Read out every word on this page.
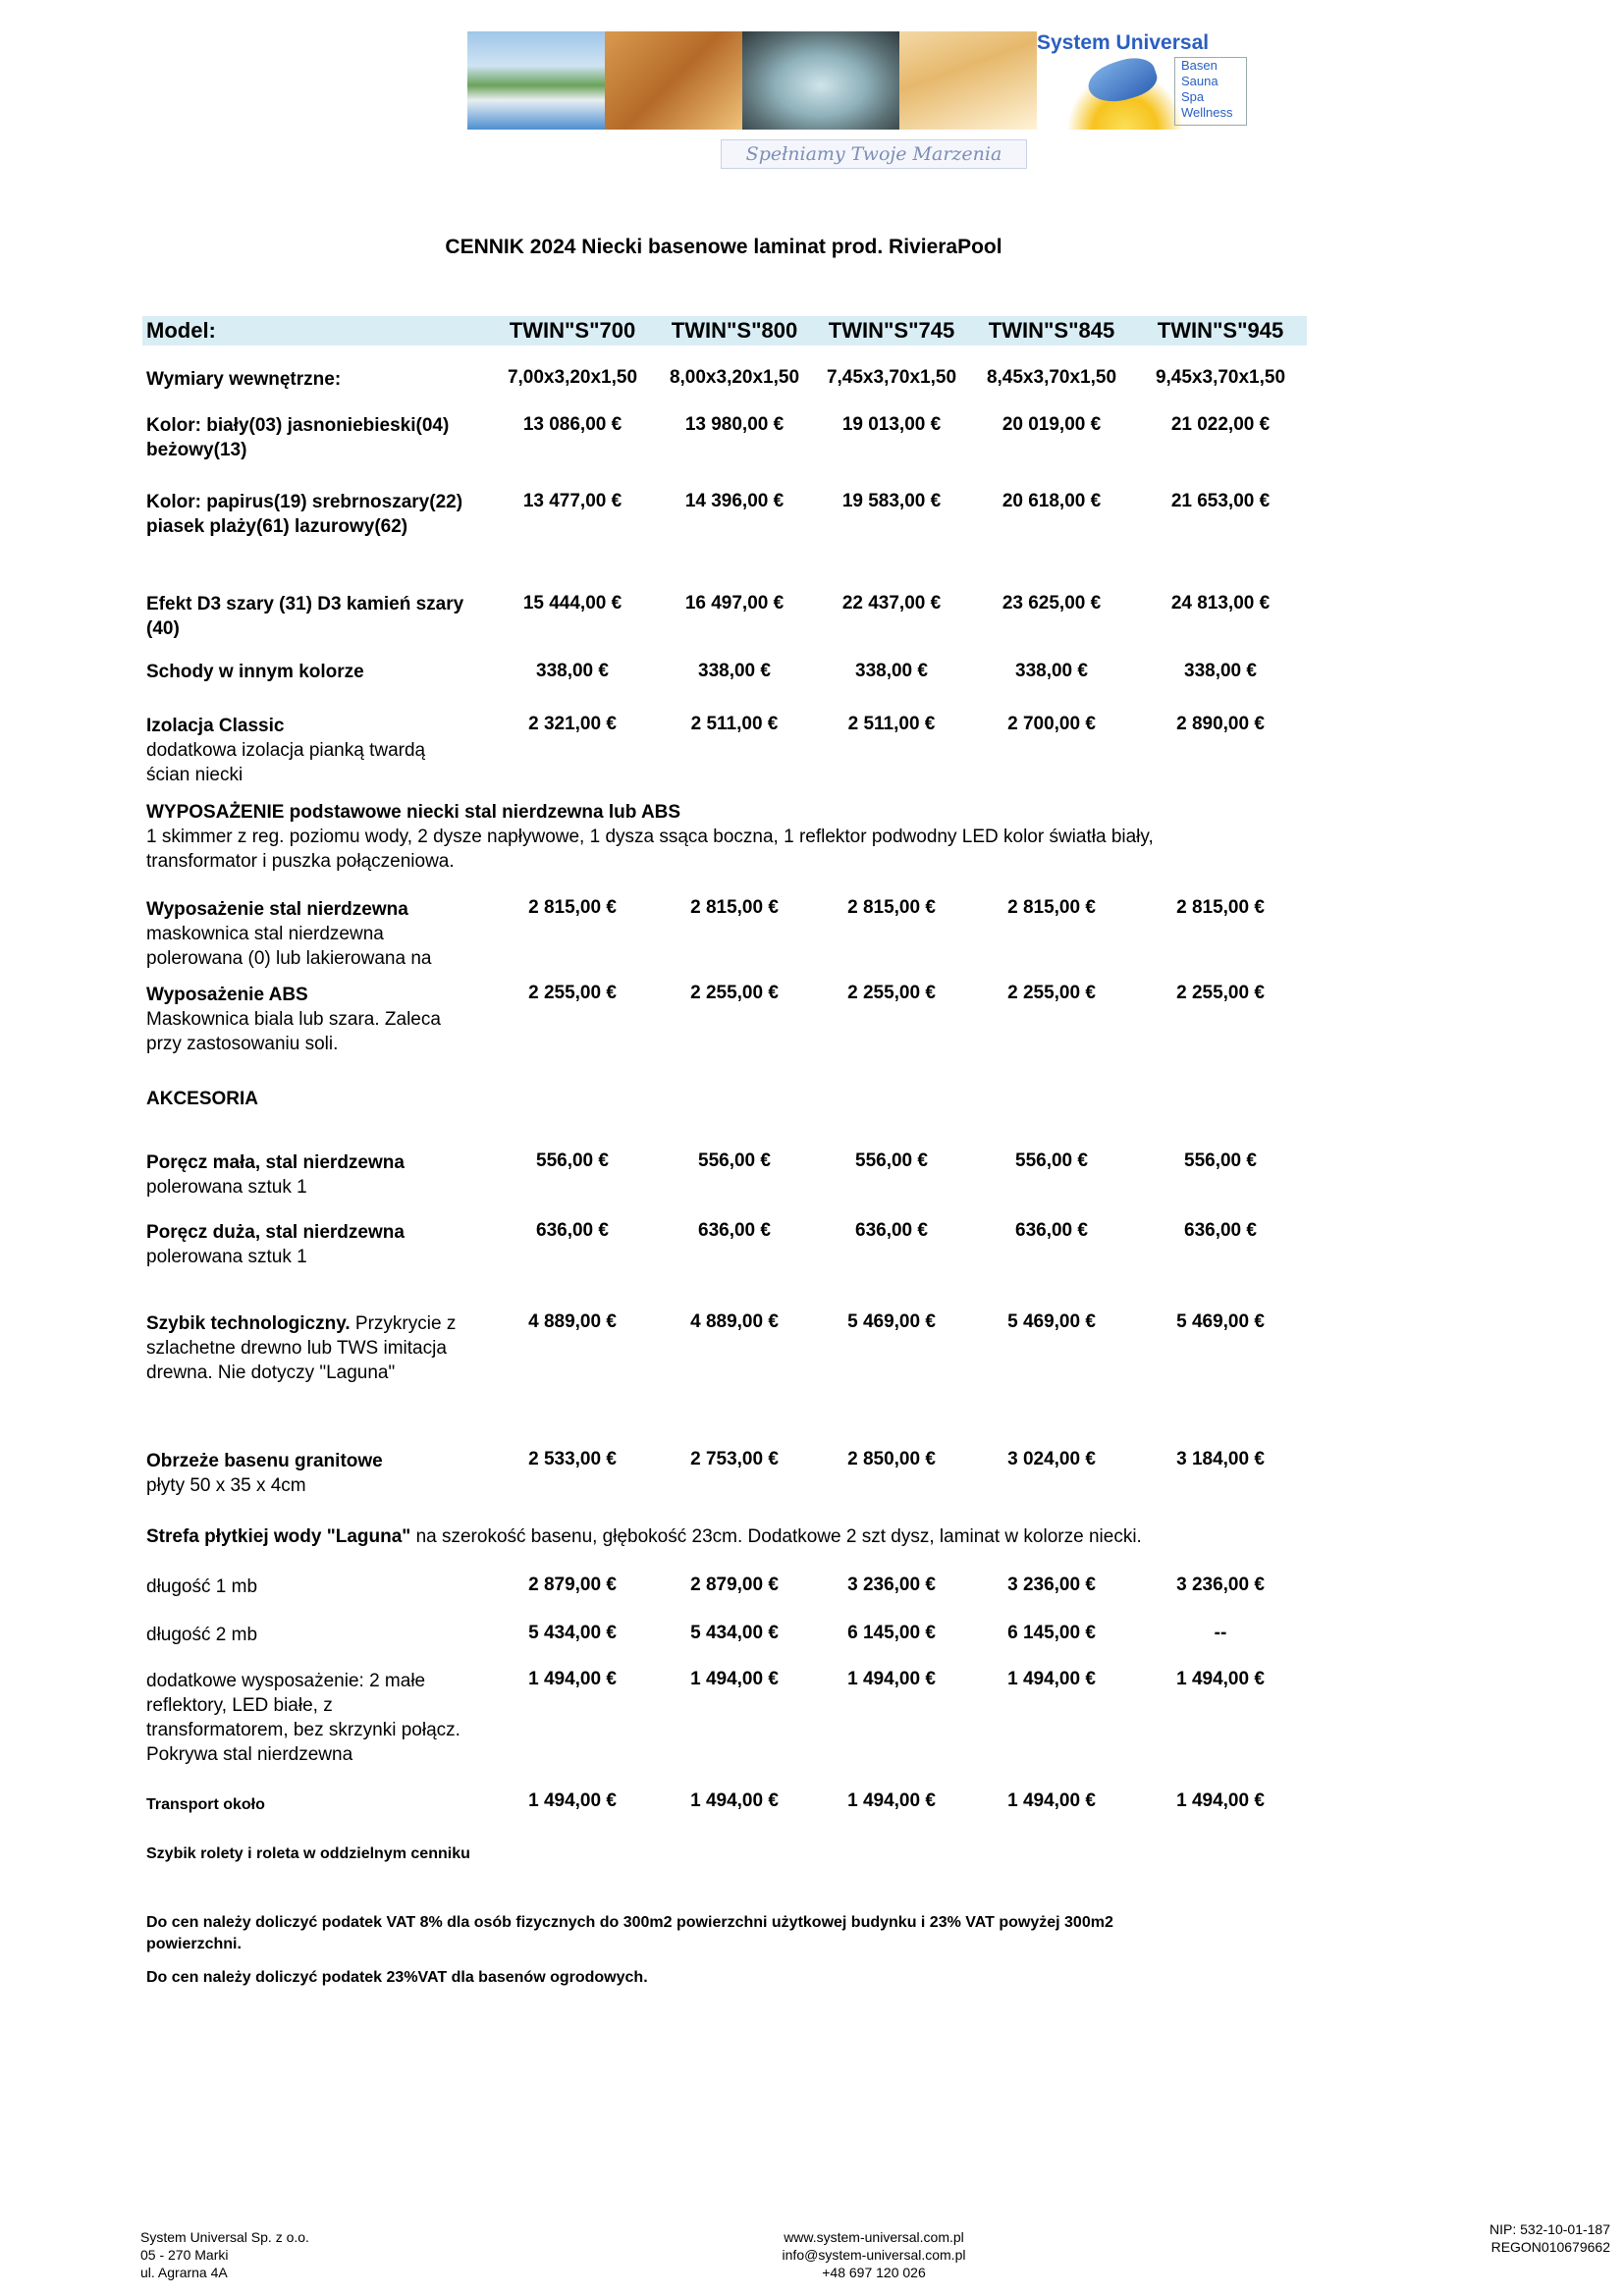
System Universal
Basen
Sauna
Spa
Wellness
Spełniamy Twoje Marzenia
CENNIK 2024 Niecki basenowe laminat prod. RivieraPool
Model:	TWIN"S"700	TWIN"S"800	TWIN"S"745	TWIN"S"845	TWIN"S"945
Wymiary wewnętrzne:	7,00x3,20x1,50	8,00x3,20x1,50	7,45x3,70x1,50	8,45x3,70x1,50	9,45x3,70x1,50
Kolor: biały(03) jasnoniebieski(04)
beżowy(13)
13 086,00 €	13 980,00 €	19 013,00 €	20 019,00 €	21 022,00 €
Kolor: papirus(19) srebrnoszary(22)
piasek plaży(61) lazurowy(62)
13 477,00 €	14 396,00 €	19 583,00 €	20 618,00 €	21 653,00 €
Efekt D3 szary (31) D3 kamień szary
(40)
15 444,00 €	16 497,00 €	22 437,00 €	23 625,00 €	24 813,00 €
Schody w innym kolorze	338,00 €	338,00 €	338,00 €	338,00 €	338,00 €
Izolacja Classic
dodatkowa izolacja pianką twardą
ścian niecki
2 321,00 €	2 511,00 €	2 511,00 €	2 700,00 €	2 890,00 €
WYPOSAŻENIE podstawowe niecki stal nierdzewna lub ABS
1 skimmer z reg. poziomu wody, 2 dysze napływowe, 1 dysza ssąca boczna, 1 reflektor podwodny LED kolor światła biały,
transformator i puszka połączeniowa.
Wyposażenie stal nierdzewna
maskownica stal nierdzewna
polerowana (0) lub lakierowana na
2 815,00 €	2 815,00 €	2 815,00 €	2 815,00 €	2 815,00 €
Wyposażenie ABS
Maskownica biala lub szara. Zaleca
przy zastosowaniu soli.
2 255,00 €	2 255,00 €	2 255,00 €	2 255,00 €	2 255,00 €
AKCESORIA
Poręcz mała, stal nierdzewna
polerowana sztuk 1
556,00 €	556,00 €	556,00 €	556,00 €	556,00 €
Poręcz duża, stal nierdzewna
polerowana sztuk 1
636,00 €	636,00 €	636,00 €	636,00 €	636,00 €
Szybik technologiczny. Przykrycie z
szlachetne drewno lub TWS imitacja
drewna. Nie dotyczy "Laguna"
4 889,00 €	4 889,00 €	5 469,00 €	5 469,00 €	5 469,00 €
Obrzeże basenu granitowe
płyty 50 x 35 x 4cm
2 533,00 €	2 753,00 €	2 850,00 €	3 024,00 €	3 184,00 €
Strefa płytkiej wody "Laguna" na szerokość basenu, głębokość 23cm. Dodatkowe 2 szt dysz, laminat w kolorze niecki.
długość 1 mb	2 879,00 €	2 879,00 €	3 236,00 €	3 236,00 €	3 236,00 €
długość 2 mb	5 434,00 €	5 434,00 €	6 145,00 €	6 145,00 €	--
dodatkowe wysposażenie: 2 małe
reflektory, LED białe, z
transformatorem, bez skrzynki połącz.
Pokrywa stal nierdzewna
1 494,00 €	1 494,00 €	1 494,00 €	1 494,00 €	1 494,00 €
Transport około	1 494,00 €	1 494,00 €	1 494,00 €	1 494,00 €	1 494,00 €
Szybik rolety i roleta w oddzielnym cenniku
Do cen należy doliczyć podatek VAT 8% dla osób fizycznych do 300m2 powierzchni użytkowej budynku i 23% VAT powyżej 300m2
powierzchni.
Do cen należy doliczyć podatek 23%VAT dla basenów ogrodowych.
System Universal Sp. z o.o.
05 - 270 Marki
ul. Agrarna 4A
www.system-universal.com.pl
info@system-universal.com.pl
+48 697 120 026
NIP: 532-10-01-187
REGON010679662
